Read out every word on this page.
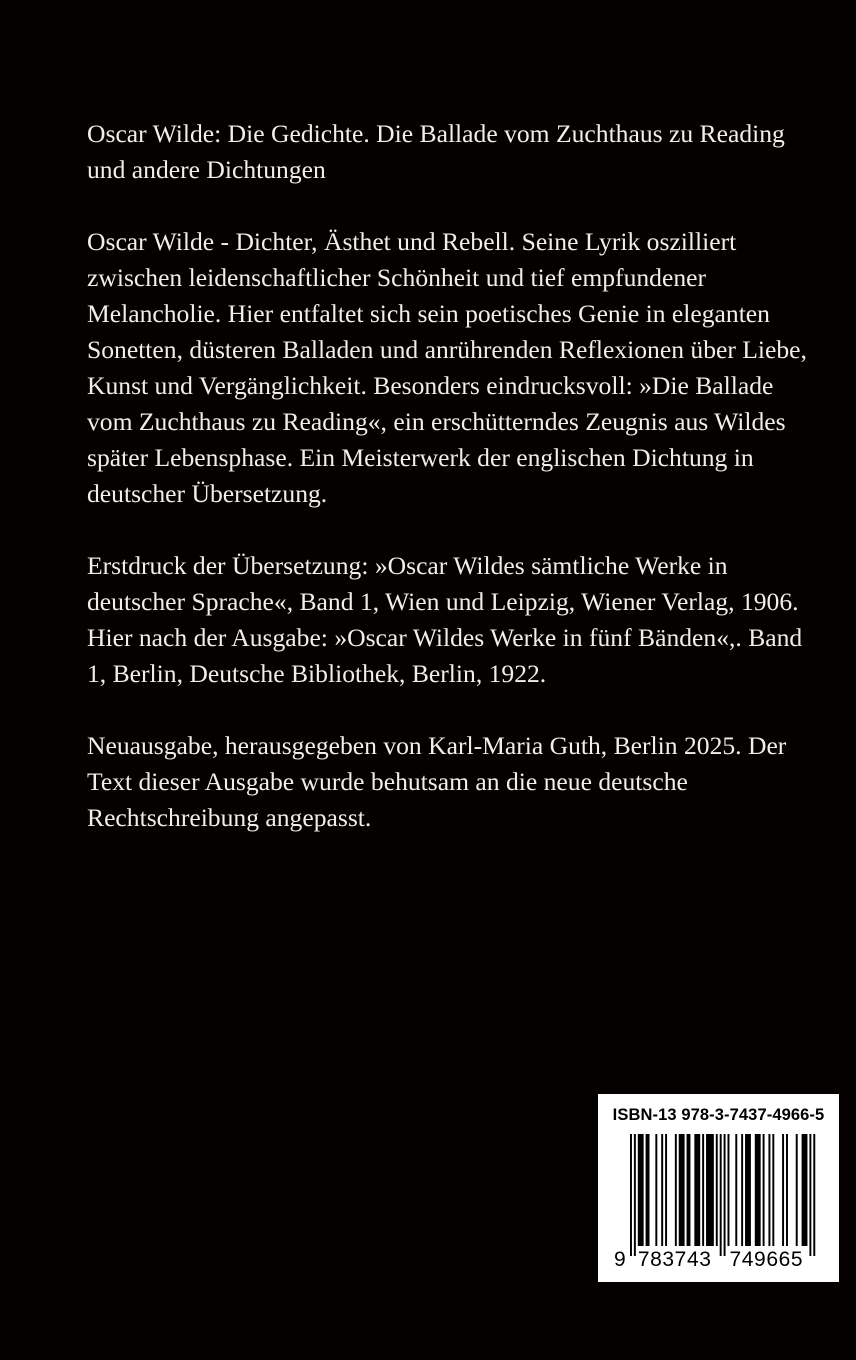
Oscar Wilde: Die Gedichte. Die Ballade vom Zuchthaus zu Reading und andere Dichtungen

Oscar Wilde - Dichter, Ästhet und Rebell. Seine Lyrik oszilliert zwischen leidenschaftlicher Schönheit und tief empfundener Melancholie. Hier entfaltet sich sein poetisches Genie in eleganten Sonetten, düsteren Balladen und anrührenden Reflexionen über Liebe, Kunst und Vergänglichkeit. Besonders eindrucksvoll: »Die Ballade vom Zuchthaus zu Reading«, ein erschütterndes Zeugnis aus Wildes später Lebensphase. Ein Meisterwerk der englischen Dichtung in deutscher Übersetzung.

Erstdruck der Übersetzung: »Oscar Wildes sämtliche Werke in deutscher Sprache«, Band 1, Wien und Leipzig, Wiener Verlag, 1906. Hier nach der Ausgabe: »Oscar Wildes Werke in fünf Bänden«,. Band 1, Berlin, Deutsche Bibliothek, Berlin, 1922.

Neuausgabe, herausgegeben von Karl-Maria Guth, Berlin 2025. Der Text dieser Ausgabe wurde behutsam an die neue deutsche Rechtschreibung angepasst.

9 783743 749665
ISBN-13 978-3-7437-4966-5
